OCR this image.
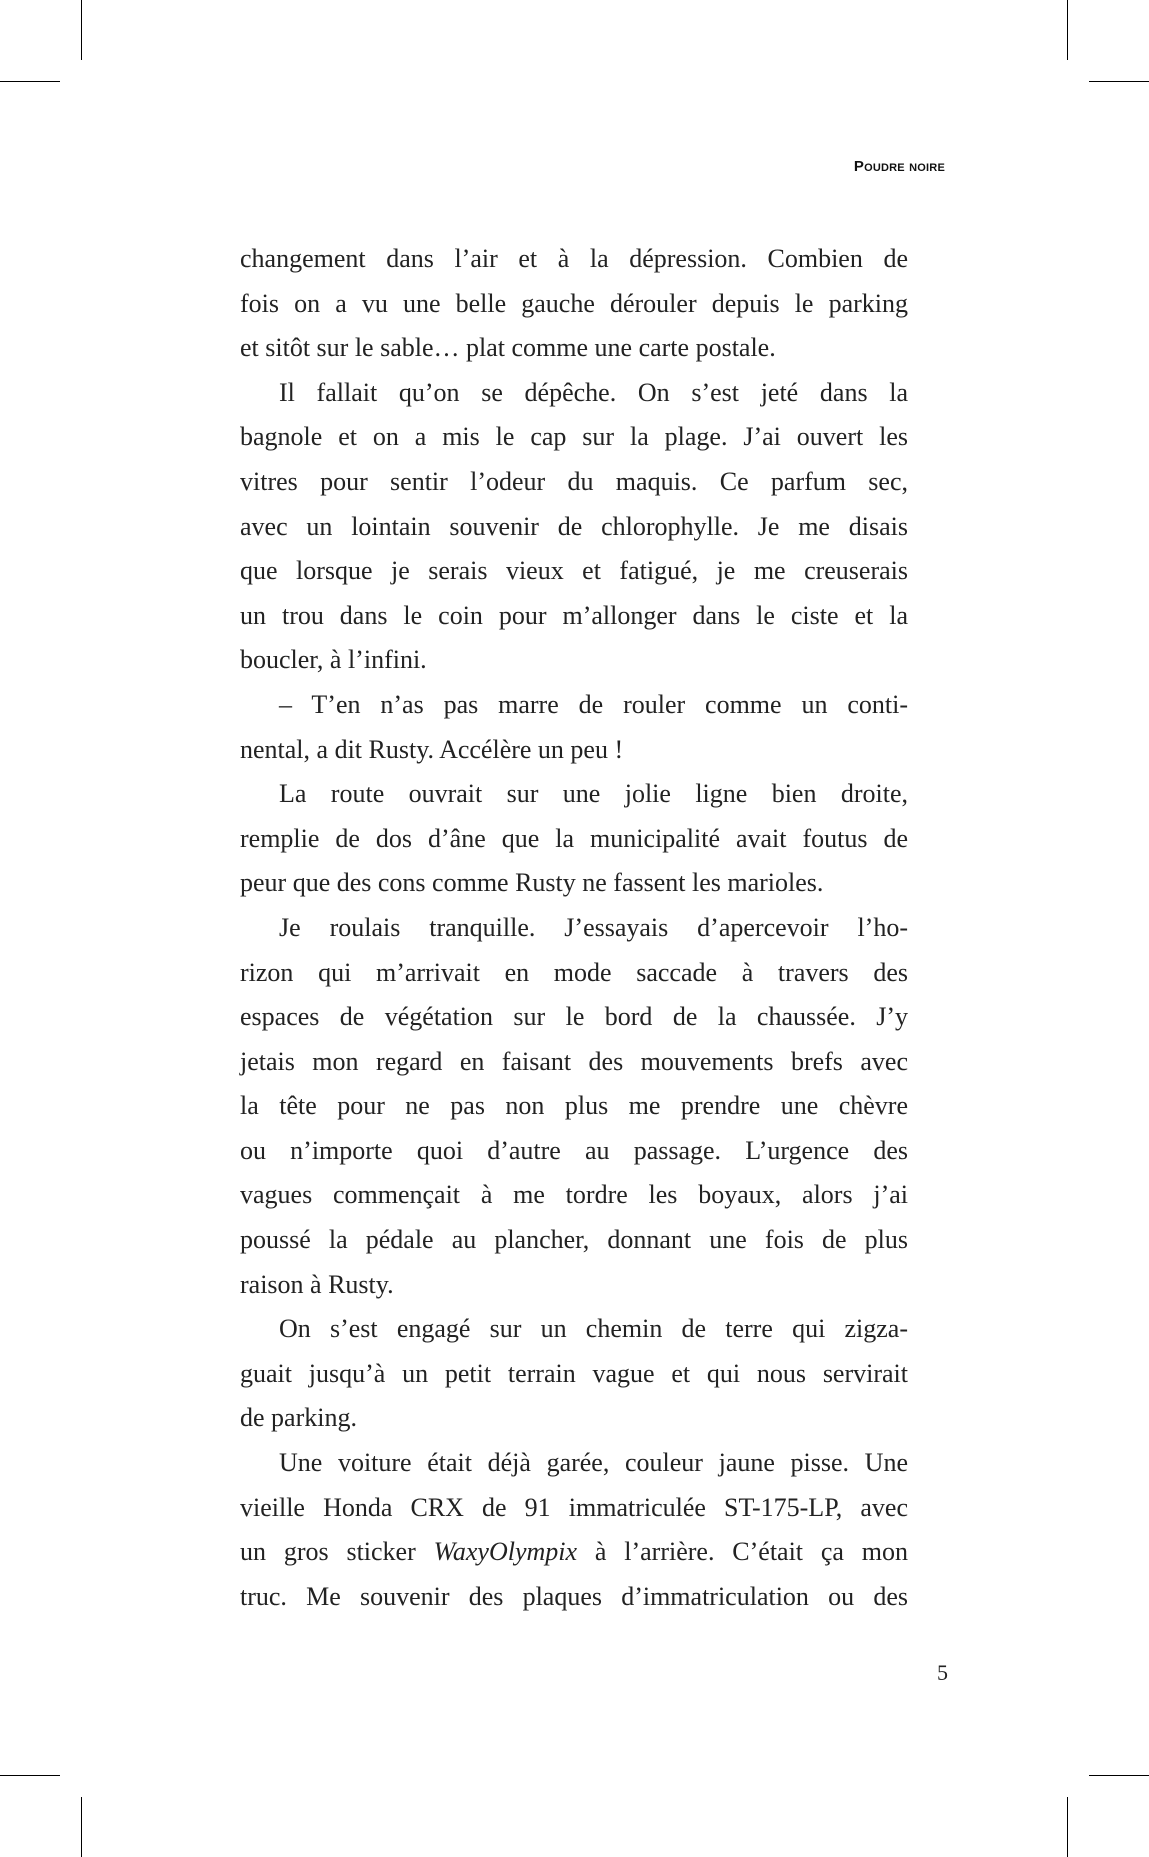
Poudre noire
changement dans l’air et à la dépression. Combien de
fois on a vu une belle gauche dérouler depuis le parking
et sitôt sur le sable… plat comme une carte postale.
Il fallait qu’on se dépêche. On s’est jeté dans la
bagnole et on a mis le cap sur la plage. J’ai ouvert les
vitres pour sentir l’odeur du maquis. Ce parfum sec,
avec un lointain souvenir de chlorophylle. Je me disais
que lorsque je serais vieux et fatigué, je me creuserais
un trou dans le coin pour m’allonger dans le ciste et la
boucler, à l’infini.
– T’en n’as pas marre de rouler comme un conti-
nental, a dit Rusty. Accélère un peu !
La route ouvrait sur une jolie ligne bien droite,
remplie de dos d’âne que la municipalité avait foutus de
peur que des cons comme Rusty ne fassent les marioles.
Je roulais tranquille. J’essayais d’apercevoir l’ho-
rizon qui m’arrivait en mode saccade à travers des
espaces de végétation sur le bord de la chaussée. J’y
jetais mon regard en faisant des mouvements brefs avec
la tête pour ne pas non plus me prendre une chèvre
ou n’importe quoi d’autre au passage. L’urgence des
vagues commençait à me tordre les boyaux, alors j’ai
poussé la pédale au plancher, donnant une fois de plus
raison à Rusty.
On s’est engagé sur un chemin de terre qui zigza-
guait jusqu’à un petit terrain vague et qui nous servirait
de parking.
Une voiture était déjà garée, couleur jaune pisse. Une
vieille Honda CRX de 91 immatriculée ST-175-LP, avec
un gros sticker WaxyOlympix à l’arrière. C’était ça mon
truc. Me souvenir des plaques d’immatriculation ou des
5
